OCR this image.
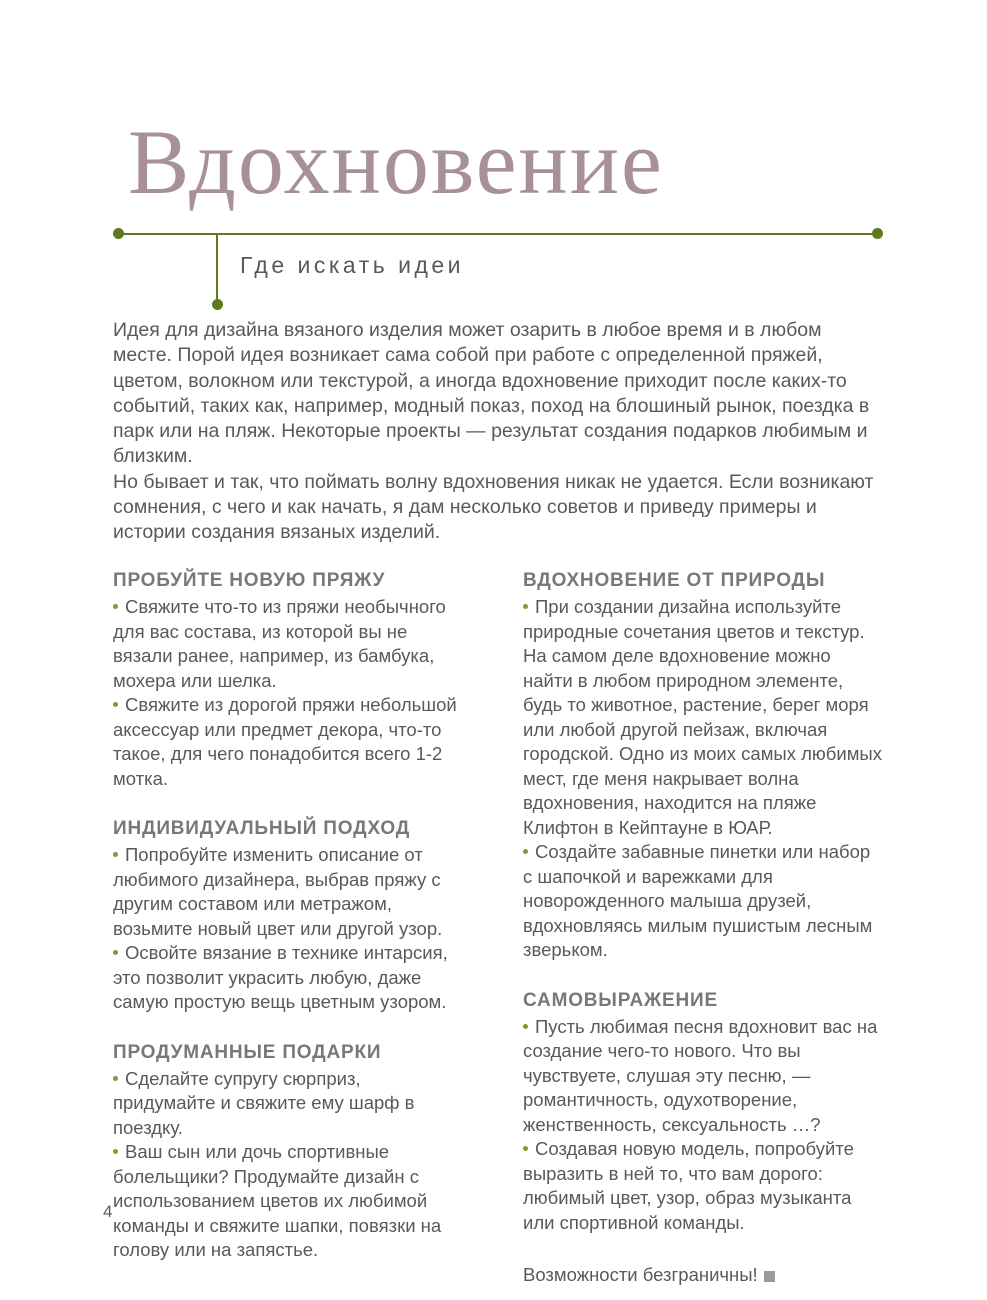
Вдохновение
Где искать идеи

Идея для дизайна вязаного изделия может озарить в любое время и в любом месте. Порой идея возникает сама собой при работе с определенной пряжей, цветом, волокном или текстурой, а иногда вдохновение приходит после каких-то событий, таких как, например, модный показ, поход на блошиный рынок, поездка в парк или на пляж. Некоторые проекты — результат создания подарков любимым и близким.

Но бывает и так, что поймать волну вдохновения никак не удается. Если возникают сомнения, с чего и как начать, я дам несколько советов и приведу примеры и истории создания вязаных изделий.

ПРОБУЙТЕ НОВУЮ ПРЯЖУ

Свяжите что-то из пряжи необычного для вас состава, из которой вы не вязали ранее, например, из бамбука, мохера или шелка.

Свяжите из дорогой пряжи небольшой аксессуар или предмет декора, что-то такое, для чего понадобится всего 1-2 мотка.

ИНДИВИДУАЛЬНЫЙ ПОДХОД

Попробуйте изменить описание от любимого дизайнера, выбрав пряжу с другим составом или метражом, возьмите новый цвет или другой узор.

Освойте вязание в технике интарсия, это позволит украсить любую, даже самую простую вещь цветным узором.

ПРОДУМАННЫЕ ПОДАРКИ

Сделайте супругу сюрприз, придумайте и свяжите ему шарф в поездку.

Ваш сын или дочь спортивные болельщики? Продумайте дизайн с использованием цветов их любимой команды и свяжите шапки, повязки на голову или на запястье.

ВДОХНОВЕНИЕ ОТ ПРИРОДЫ

При создании дизайна используйте природные сочетания цветов и текстур. На самом деле вдохновение можно найти в любом природном элементе, будь то животное, растение, берег моря или любой другой пейзаж, включая городской. Одно из моих самых любимых мест, где меня накрывает волна вдохновения, находится на пляже Клифтон в Кейптауне в ЮАР.

Создайте забавные пинетки или набор с шапочкой и варежками для новорожденного малыша друзей, вдохновляясь милым пушистым лесным зверьком.

САМОВЫРАЖЕНИЕ

Пусть любимая песня вдохновит вас на создание чего-то нового. Что вы чувствуете, слушая эту песню, — романтичность, одухотворение, женственность, сексуальность …?

Создавая новую модель, попробуйте выразить в ней то, что вам дорого: любимый цвет, узор, образ музыканта или спортивной команды.

Возможности безграничны!

4
